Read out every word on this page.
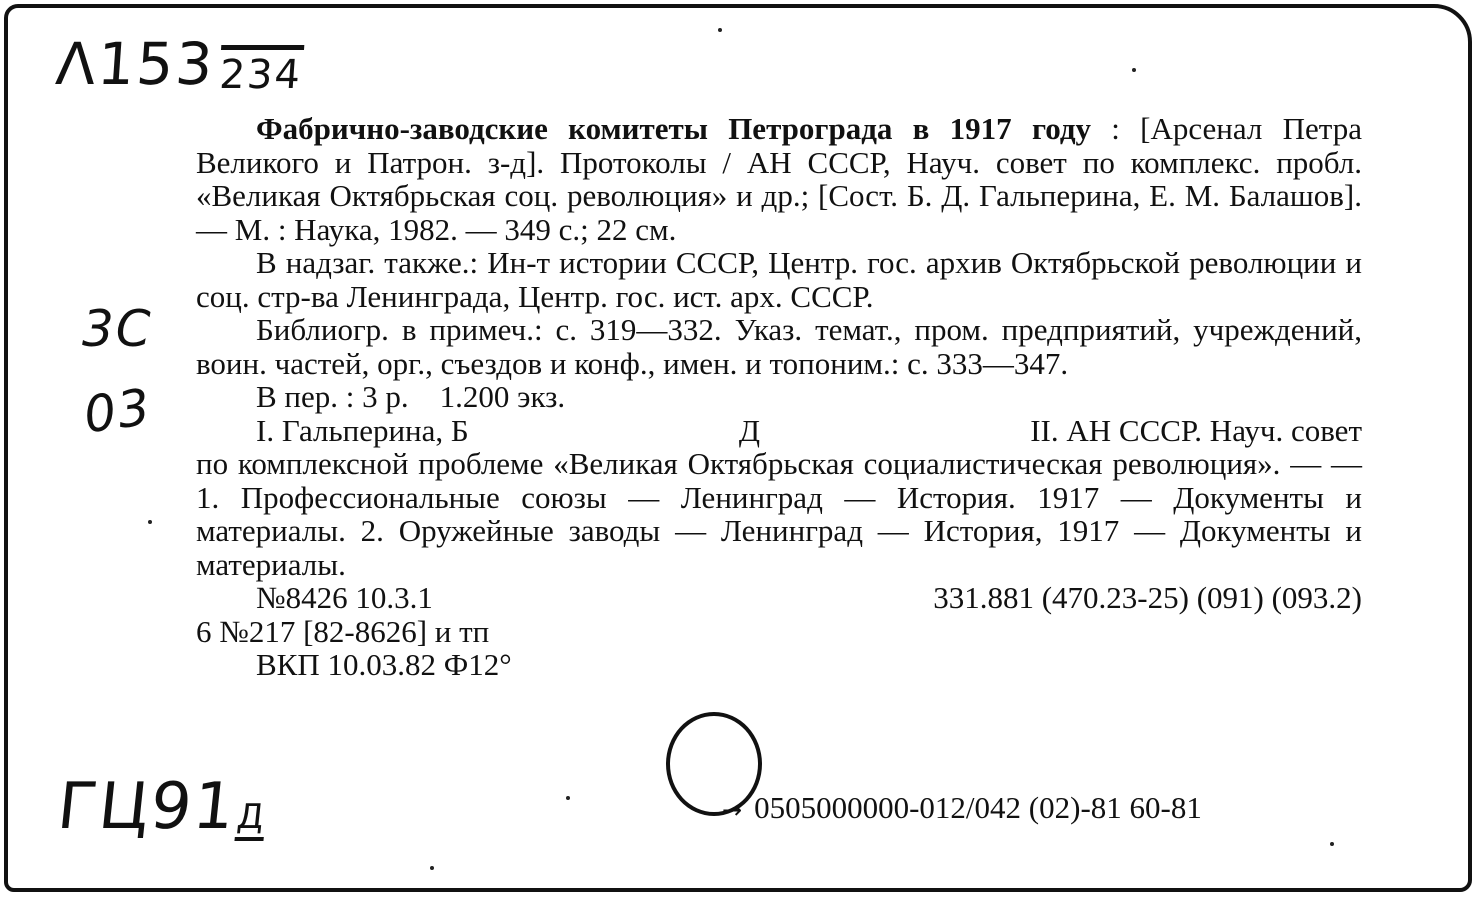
Λ153234
3C
03
ГЦ91Д

Фабрично-заводские комитеты Петрограда в 1917 году : [Арсенал Петра Великого и Патрон. з-д]. Протоколы / АН СССР, Науч. совет по комплекс. пробл. «Великая Октябрьская соц. революция» и др.; [Сост. Б. Д. Гальперина, Е. М. Балашов]. — М. : Наука, 1982. — 349 с.; 22 см.

В надзаг. также.: Ин-т истории СССР, Центр. гос. архив Октябрьской революции и соц. стр-ва Ленинграда, Центр. гос. ист. арх. СССР.

Библиогр. в примеч.: с. 319—332. Указ. темат., пром. предприятий, учреждений, воин. частей, орг., съездов и конф., имен. и топоним.: с. 333—347.

В пер. : 3 р. 1.200 экз.

I. Гальперина, Б	Д	II. АН СССР. Науч. совет

по комплексной проблеме «Великая Октябрьская социалистическая революция». — — 1. Профессиональные союзы — Ленинград — История. 1917 — Документы и материалы. 2. Оружейные заводы — Ленинград — История, 1917 — Документы и материалы.

№8426 10.3.1	331.881 (470.23-25) (091) (093.2)

6 №217 [82-8626] и тп

ВКП 10.03.82 Ф12°

→ 0505000000-012/042 (02)-81 60-81
